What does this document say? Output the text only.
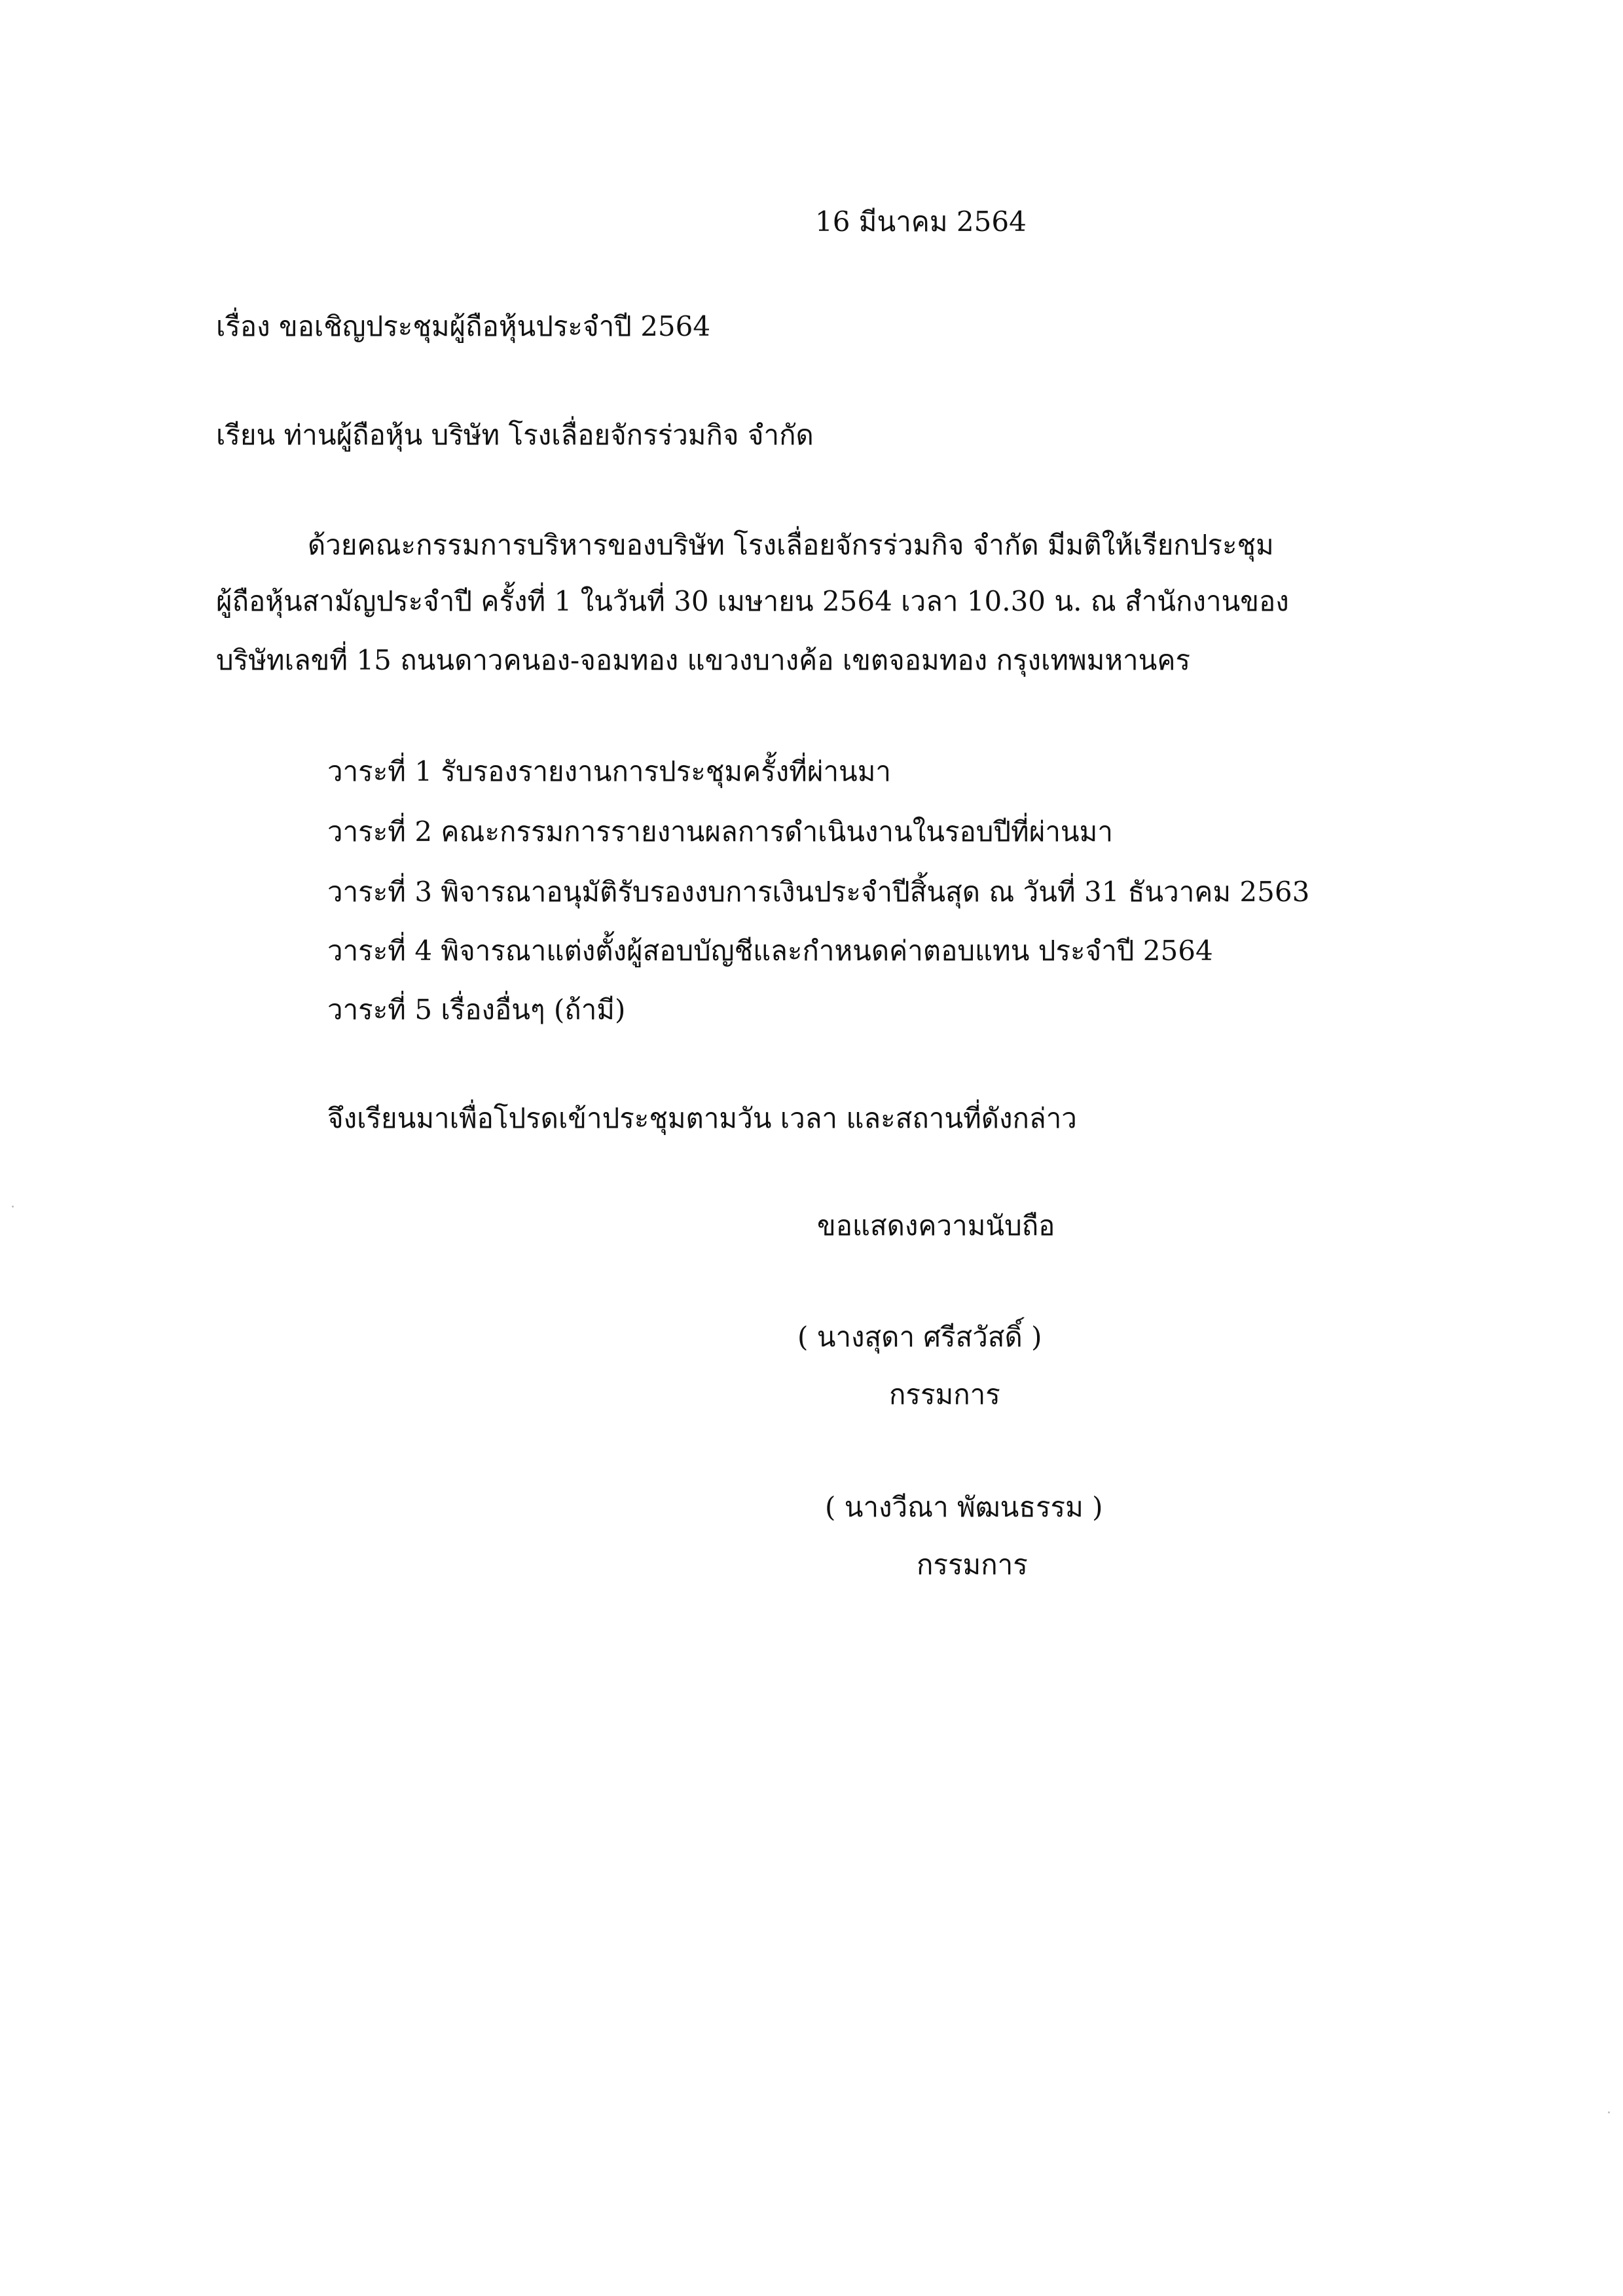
16 มีนาคม 2564
เรื่อง ขอเชิญประชุมผู้ถือหุ้นประจำปี 2564
เรียน ท่านผู้ถือหุ้น บริษัท โรงเลื่อยจักรร่วมกิจ จำกัด
ด้วยคณะกรรมการบริหารของบริษัท โรงเลื่อยจักรร่วมกิจ จำกัด มีมติให้เรียกประชุม
ผู้ถือหุ้นสามัญประจำปี ครั้งที่ 1 ในวันที่ 30 เมษายน 2564 เวลา 10.30 น. ณ สำนักงานของ
บริษัทเลขที่ 15 ถนนดาวคนอง-จอมทอง แขวงบางค้อ เขตจอมทอง กรุงเทพมหานคร
วาระที่ 1 รับรองรายงานการประชุมครั้งที่ผ่านมา
วาระที่ 2 คณะกรรมการรายงานผลการดำเนินงานในรอบปีที่ผ่านมา
วาระที่ 3 พิจารณาอนุมัติรับรองงบการเงินประจำปีสิ้นสุด ณ วันที่ 31 ธันวาคม 2563
วาระที่ 4 พิจารณาแต่งตั้งผู้สอบบัญชีและกำหนดค่าตอบแทน ประจำปี 2564
วาระที่ 5 เรื่องอื่นๆ (ถ้ามี)
จึงเรียนมาเพื่อโปรดเข้าประชุมตามวัน เวลา และสถานที่ดังกล่าว
ขอแสดงความนับถือ
( นางสุดา ศรีสวัสดิ์ )
กรรมการ
( นางวีณา พัฒนธรรม )
กรรมการ
